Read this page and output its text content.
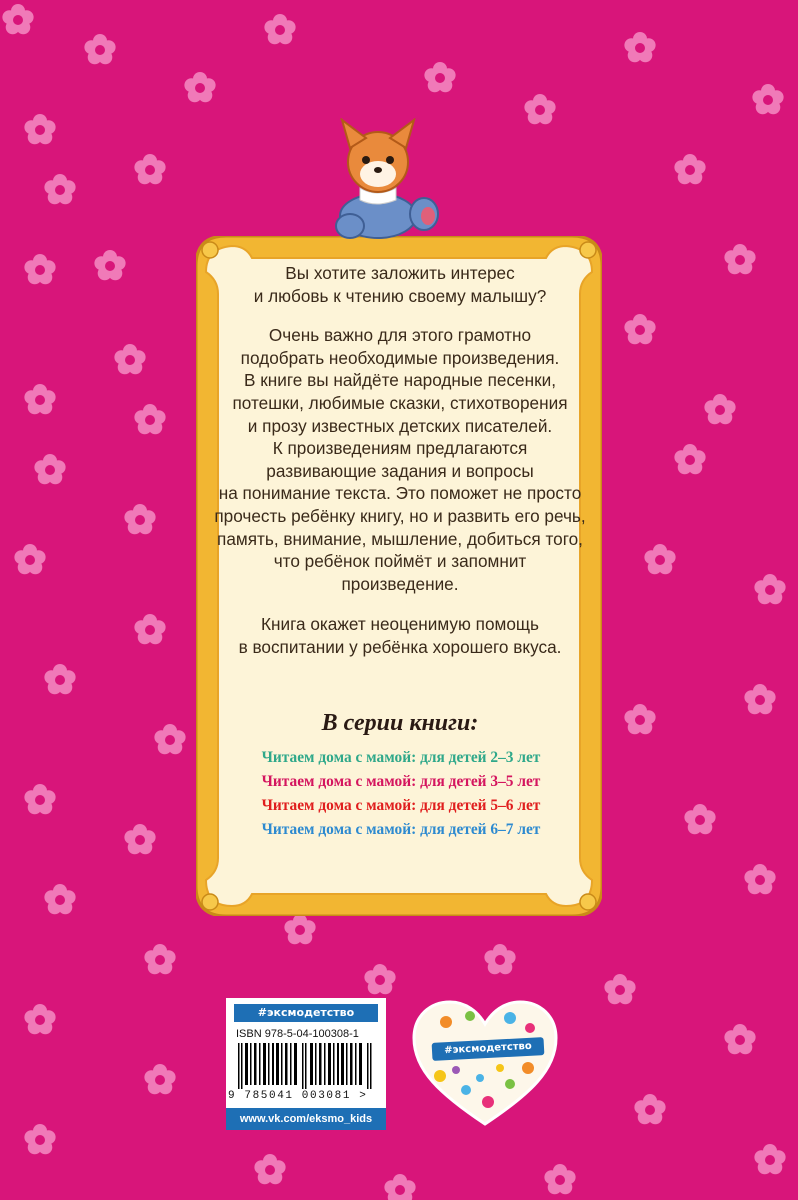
Вы хотите заложить интерес
и любовь к чтению своему малышу?

Очень важно для этого грамотно
подобрать необходимые произведения.
В книге вы найдёте народные песенки,
потешки, любимые сказки, стихотворения
и прозу известных детских писателей.
К произведениям предлагаются
развивающие задания и вопросы
на понимание текста. Это поможет не просто
прочесть ребёнку книгу, но и развить его речь,
память, внимание, мышление, добиться того,
что ребёнок поймёт и запомнит произведение.

Книга окажет неоценимую помощь
в воспитании у ребёнка хорошего вкуса.

В серии книги:
Читаем дома с мамой: для детей 2–3 лет
Читаем дома с мамой: для детей 3–5 лет
Читаем дома с мамой: для детей 5–6 лет
Читаем дома с мамой: для детей 6–7 лет
#эксмодетство
ISBN 978-5-04-100308-1
9 785041 003081 >
www.vk.com/eksmo_kids
#эксмодетство
